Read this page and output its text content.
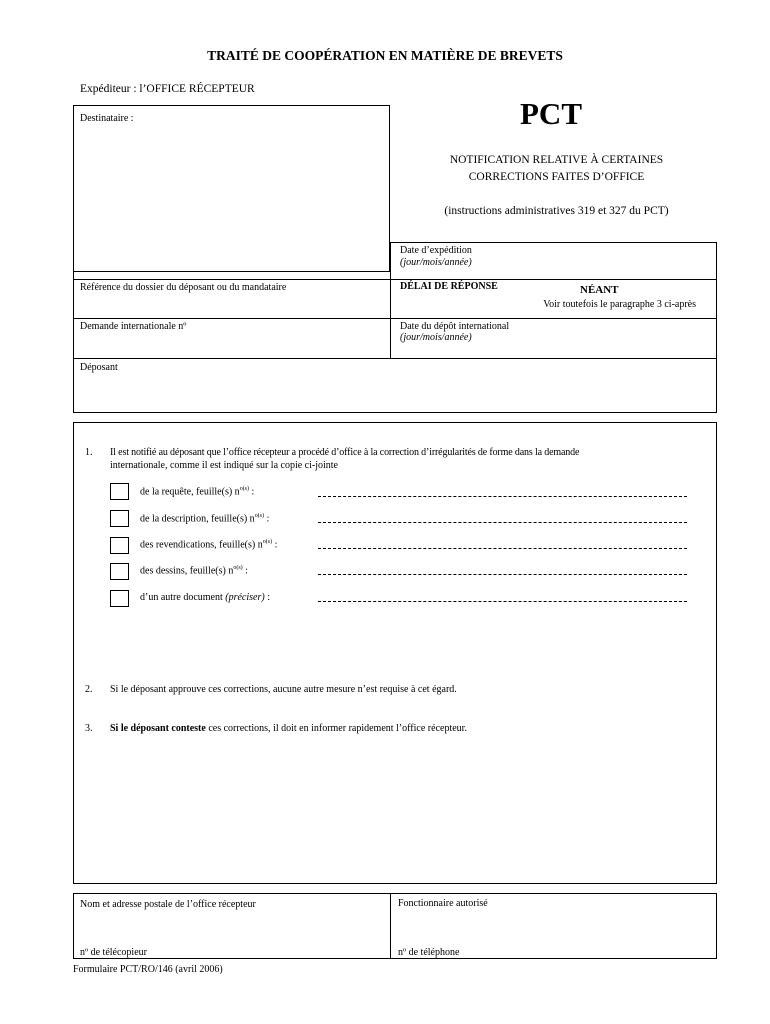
TRAITÉ DE COOPÉRATION EN MATIÈRE DE BREVETS
Expéditeur : l’OFFICE RÉCEPTEUR
Destinataire :	PCT
NOTIFICATION RELATIVE À CERTAINES
CORRECTIONS FAITES D’OFFICE
(instructions administratives 319 et 327 du PCT)
Date d’expédition
(jour/mois/année)
Référence du dossier du déposant ou du mandataire	DÉLAI DE RÉPONSE	NÉANT
Voir toutefois le paragraphe 3 ci-après
Demande internationale nº	Date du dépôt international
(jour/mois/année)
Déposant
1. Il est notifié au déposant que l’office récepteur a procédé d’office à la correction d’irrégularités de forme dans la demande
internationale, comme il est indiqué sur la copie ci-jointe
de la requête, feuille(s) $n^{o(s)}$ :
de la description, feuille(s) $n^{o(s)}$ :
des revendications, feuille(s) $n^{o(s)}$ :
des dessins, feuille(s) $n^{o(s)}$ :
d’un autre document (préciser) :
2. Si le déposant approuve ces corrections, aucune autre mesure n’est requise à cet égard.
3. Si le déposant conteste ces corrections, il doit en informer rapidement l’office récepteur.
Nom et adresse postale de l’office récepteur	Fonctionnaire autorisé
nº de télécopieur	nº de téléphone
Formulaire PCT/RO/146 (avril 2006)
